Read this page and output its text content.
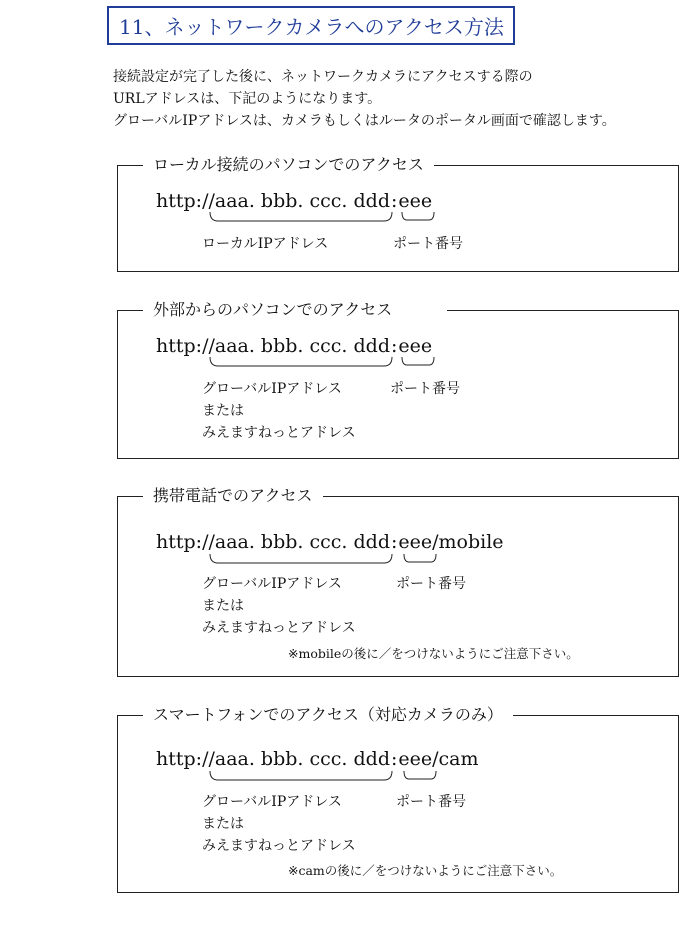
11、ネットワークカメラへのアクセス方法
接続設定が完了した後に、ネットワークカメラにアクセスする際の
URLアドレスは、下記のようになります。
グローバルIPアドレスは、カメラもしくはルータのポータル画面で確認します。
ローカル接続のパソコンでのアクセス
http://aaa. bbb. ccc. ddd:eee
ローカルIPアドレス	ポート番号
外部からのパソコンでのアクセス
http://aaa. bbb. ccc. ddd:eee
グローバルIPアドレス
または
みえますねっとアドレス
ポート番号
携帯電話でのアクセス
http://aaa. bbb. ccc. ddd:eee/mobile
グローバルIPアドレス
または
みえますねっとアドレス
ポート番号
※mobileの後に／をつけないようにご注意下さい。
スマートフォンでのアクセス（対応カメラのみ）
http://aaa. bbb. ccc. ddd:eee/cam
グローバルIPアドレス
または
みえますねっとアドレス
ポート番号
※camの後に／をつけないようにご注意下さい。
